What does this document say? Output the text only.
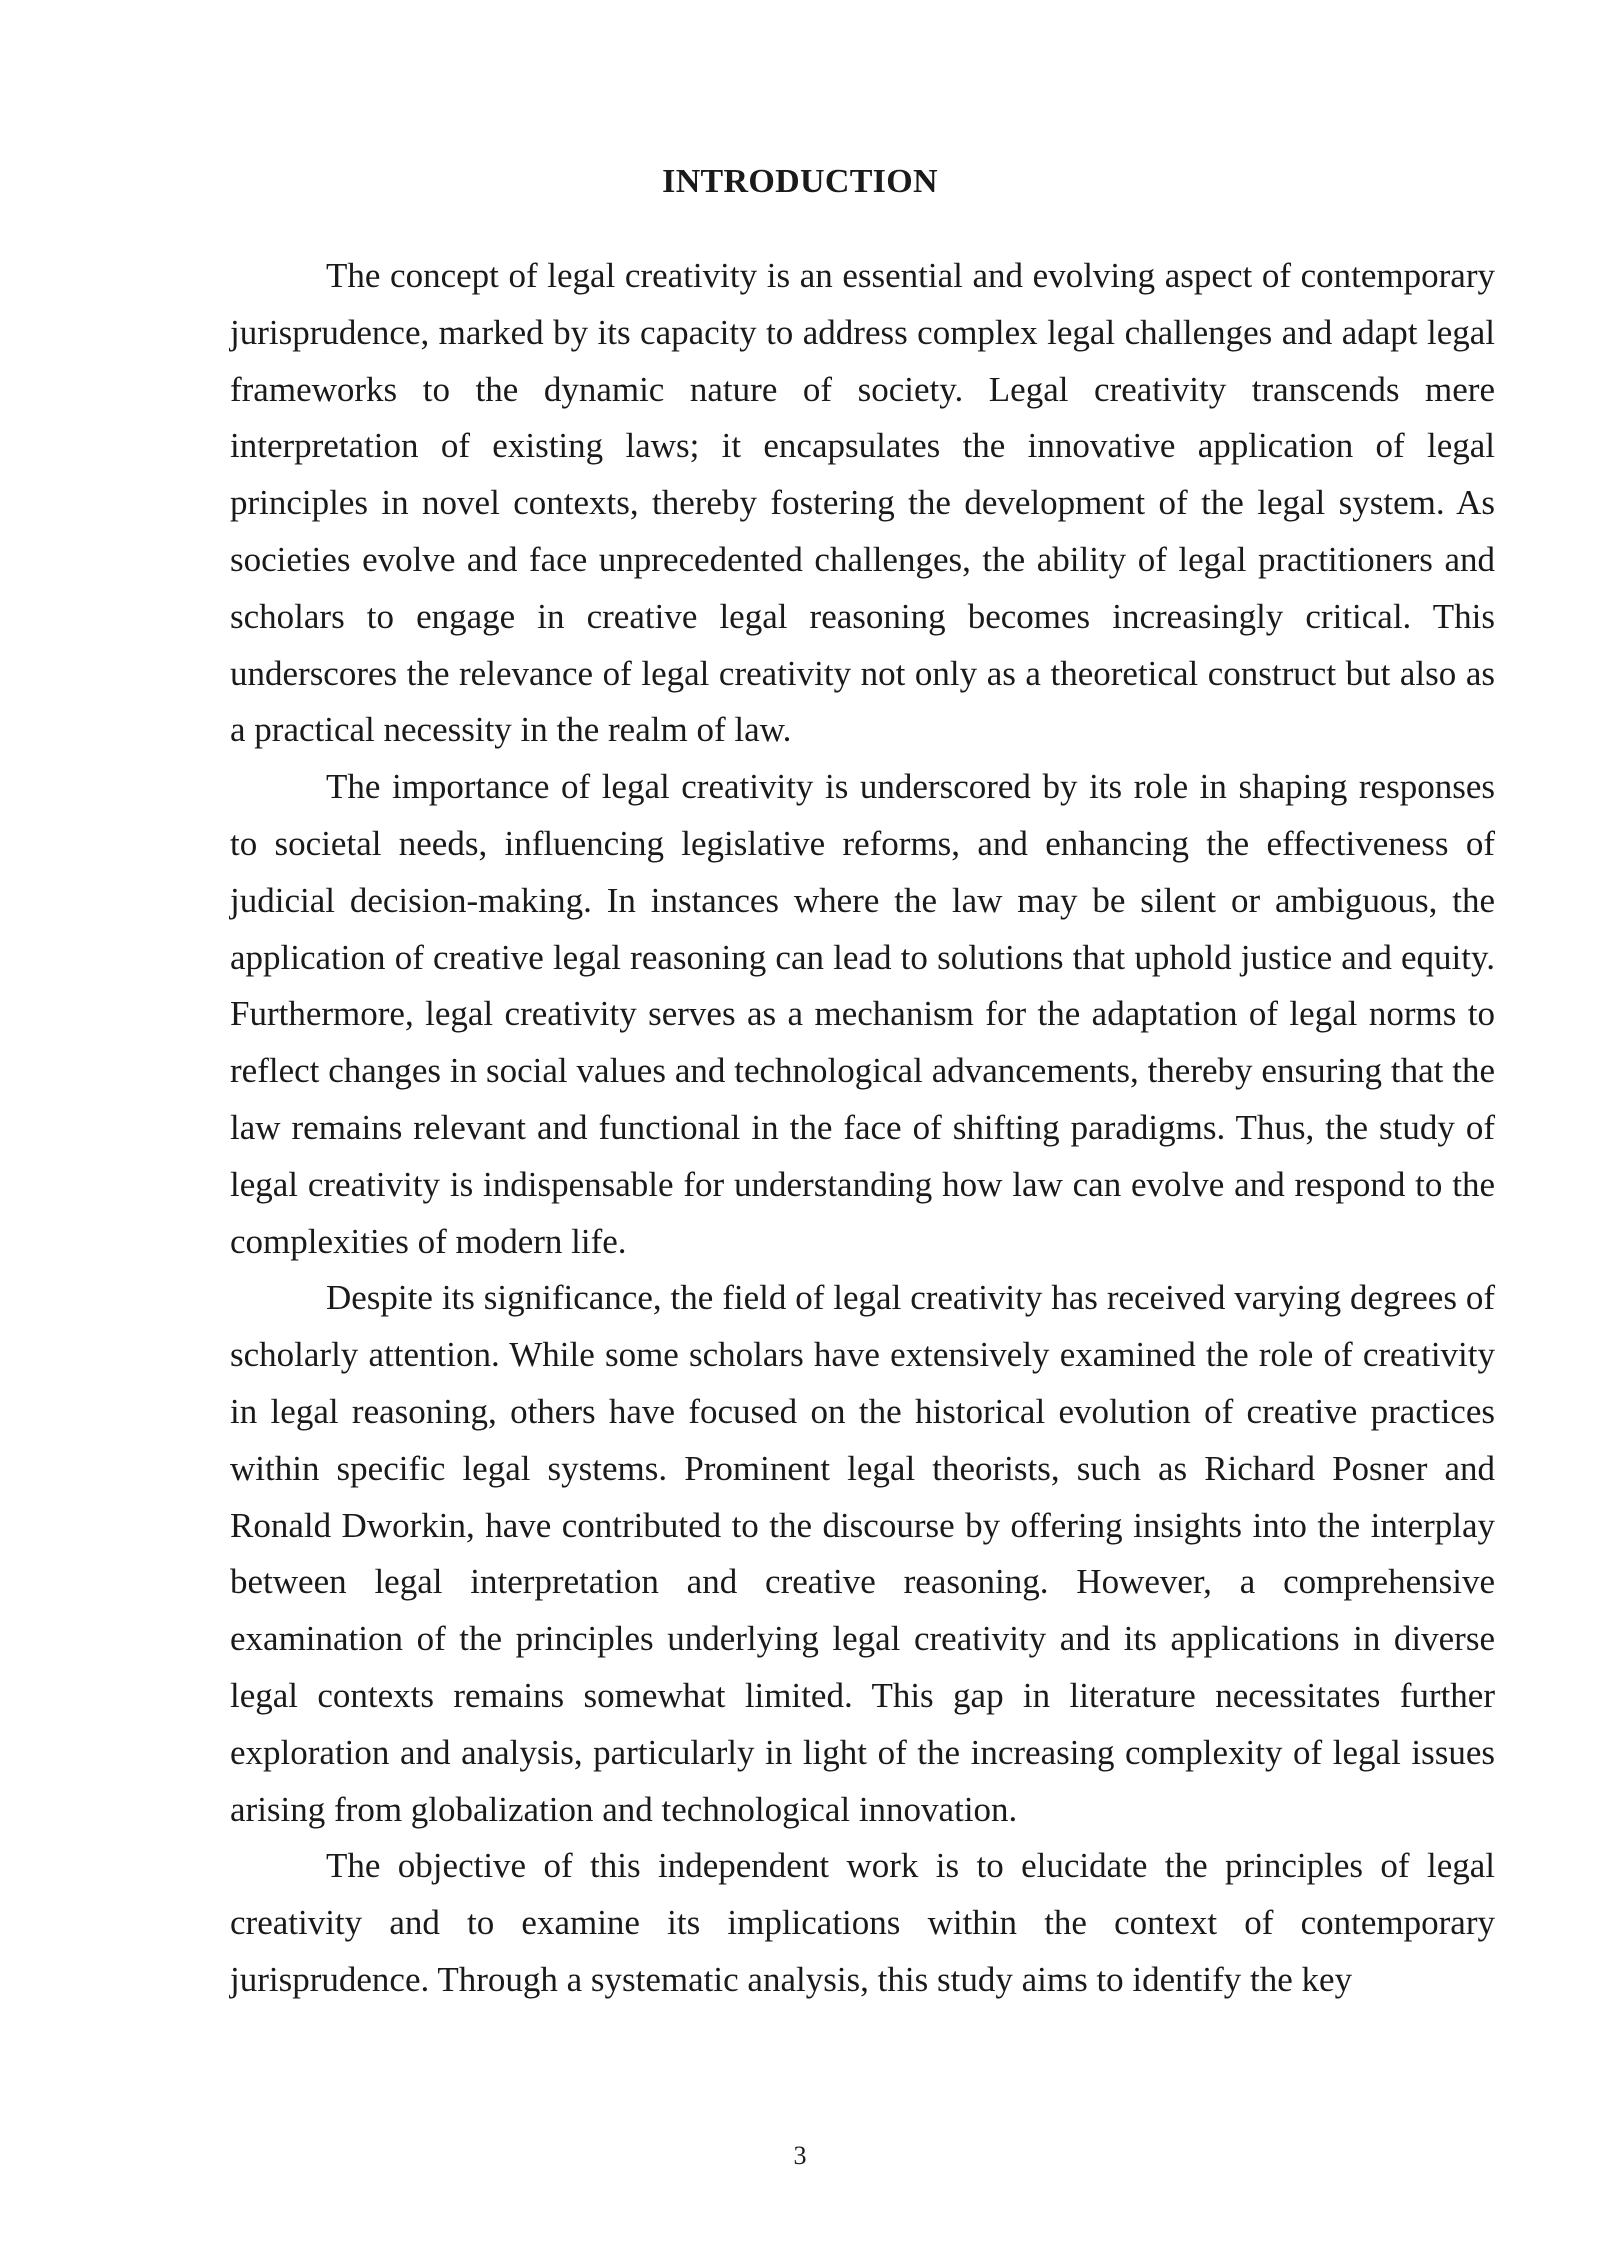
INTRODUCTION

The concept of legal creativity is an essential and evolving aspect of contemporary jurisprudence, marked by its capacity to address complex legal challenges and adapt legal frameworks to the dynamic nature of society. Legal creativity transcends mere interpretation of existing laws; it encapsulates the innovative application of legal principles in novel contexts, thereby fostering the development of the legal system. As societies evolve and face unprecedented challenges, the ability of legal practitioners and scholars to engage in creative legal reasoning becomes increasingly critical. This underscores the relevance of legal creativity not only as a theoretical construct but also as a practical necessity in the realm of law.

The importance of legal creativity is underscored by its role in shaping responses to societal needs, influencing legislative reforms, and enhancing the effectiveness of judicial decision-making. In instances where the law may be silent or ambiguous, the application of creative legal reasoning can lead to solutions that uphold justice and equity. Furthermore, legal creativity serves as a mechanism for the adaptation of legal norms to reflect changes in social values and technological advancements, thereby ensuring that the law remains relevant and functional in the face of shifting paradigms. Thus, the study of legal creativity is indispensable for understanding how law can evolve and respond to the complexities of modern life.

Despite its significance, the field of legal creativity has received varying degrees of scholarly attention. While some scholars have extensively examined the role of creativity in legal reasoning, others have focused on the historical evolution of creative practices within specific legal systems. Prominent legal theorists, such as Richard Posner and Ronald Dworkin, have contributed to the discourse by offering insights into the interplay between legal interpretation and creative reasoning. However, a comprehensive examination of the principles underlying legal creativity and its applications in diverse legal contexts remains somewhat limited. This gap in literature necessitates further exploration and analysis, particularly in light of the increasing complexity of legal issues arising from globalization and technological innovation.

The objective of this independent work is to elucidate the principles of legal creativity and to examine its implications within the context of contemporary jurisprudence. Through a systematic analysis, this study aims to identify the key

3
